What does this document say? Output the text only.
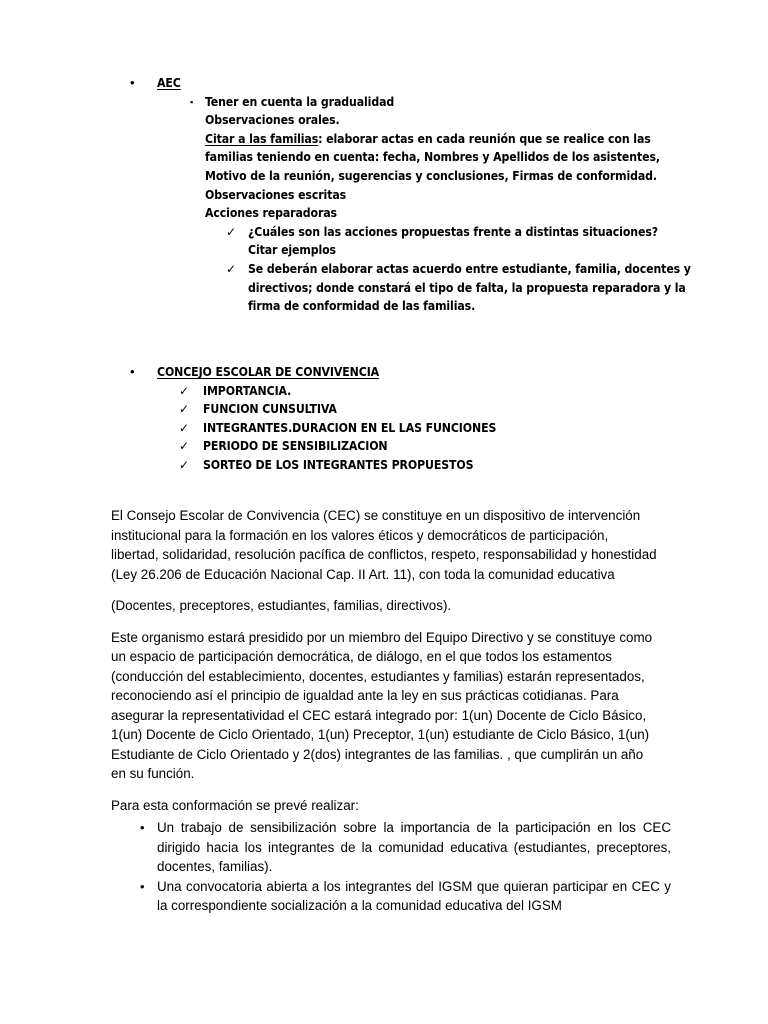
•	AEC
▪ Tener en cuenta la gradualidad
Observaciones orales.
Citar a las familias: elaborar actas en cada reunión que se realice con las familias teniendo en cuenta: fecha, Nombres y Apellidos de los asistentes, Motivo de la reunión, sugerencias y conclusiones, Firmas de conformidad.
Observaciones escritas
Acciones reparadoras
✓ ¿Cuáles son las acciones propuestas frente a distintas situaciones?
Citar ejemplos
✓ Se deberán elaborar actas acuerdo entre estudiante, familia, docentes y directivos; donde constará el tipo de falta, la propuesta reparadora y la firma de conformidad de las familias.
•	CONCEJO ESCOLAR DE CONVIVENCIA
✓	IMPORTANCIA.
✓	FUNCION CUNSULTIVA
✓	INTEGRANTES.DURACION EN EL LAS FUNCIONES
✓	PERIODO DE SENSIBILIZACION
✓	SORTEO DE LOS INTEGRANTES PROPUESTOS

El Consejo Escolar de Convivencia (CEC) se constituye en un dispositivo de intervención institucional para la formación en los valores éticos y democráticos de participación, libertad, solidaridad, resolución pacífica de conflictos, respeto, responsabilidad y honestidad (Ley 26.206 de Educación Nacional Cap. II Art. 11), con toda la comunidad educativa

(Docentes, preceptores, estudiantes, familias, directivos).

Este organismo estará presidido por un miembro del Equipo Directivo y se constituye como un espacio de participación democrática, de diálogo, en el que todos los estamentos (conducción del establecimiento, docentes, estudiantes y familias) estarán representados, reconociendo así el principio de igualdad ante la ley en sus prácticas cotidianas. Para asegurar la representatividad el CEC estará integrado por: 1(un) Docente de Ciclo Básico, 1(un) Docente de Ciclo Orientado, 1(un) Preceptor, 1(un) estudiante de Ciclo Básico, 1(un) Estudiante de Ciclo Orientado y 2(dos) integrantes de las familias. , que cumplirán un año en su función.

Para esta conformación se prevé realizar:

• Un trabajo de sensibilización sobre la importancia de la participación en los CEC dirigido hacia los integrantes de la comunidad educativa (estudiantes, preceptores, docentes, familias).
• Una convocatoria abierta a los integrantes del IGSM que quieran participar en CEC y la correspondiente socialización a la comunidad educativa del IGSM
